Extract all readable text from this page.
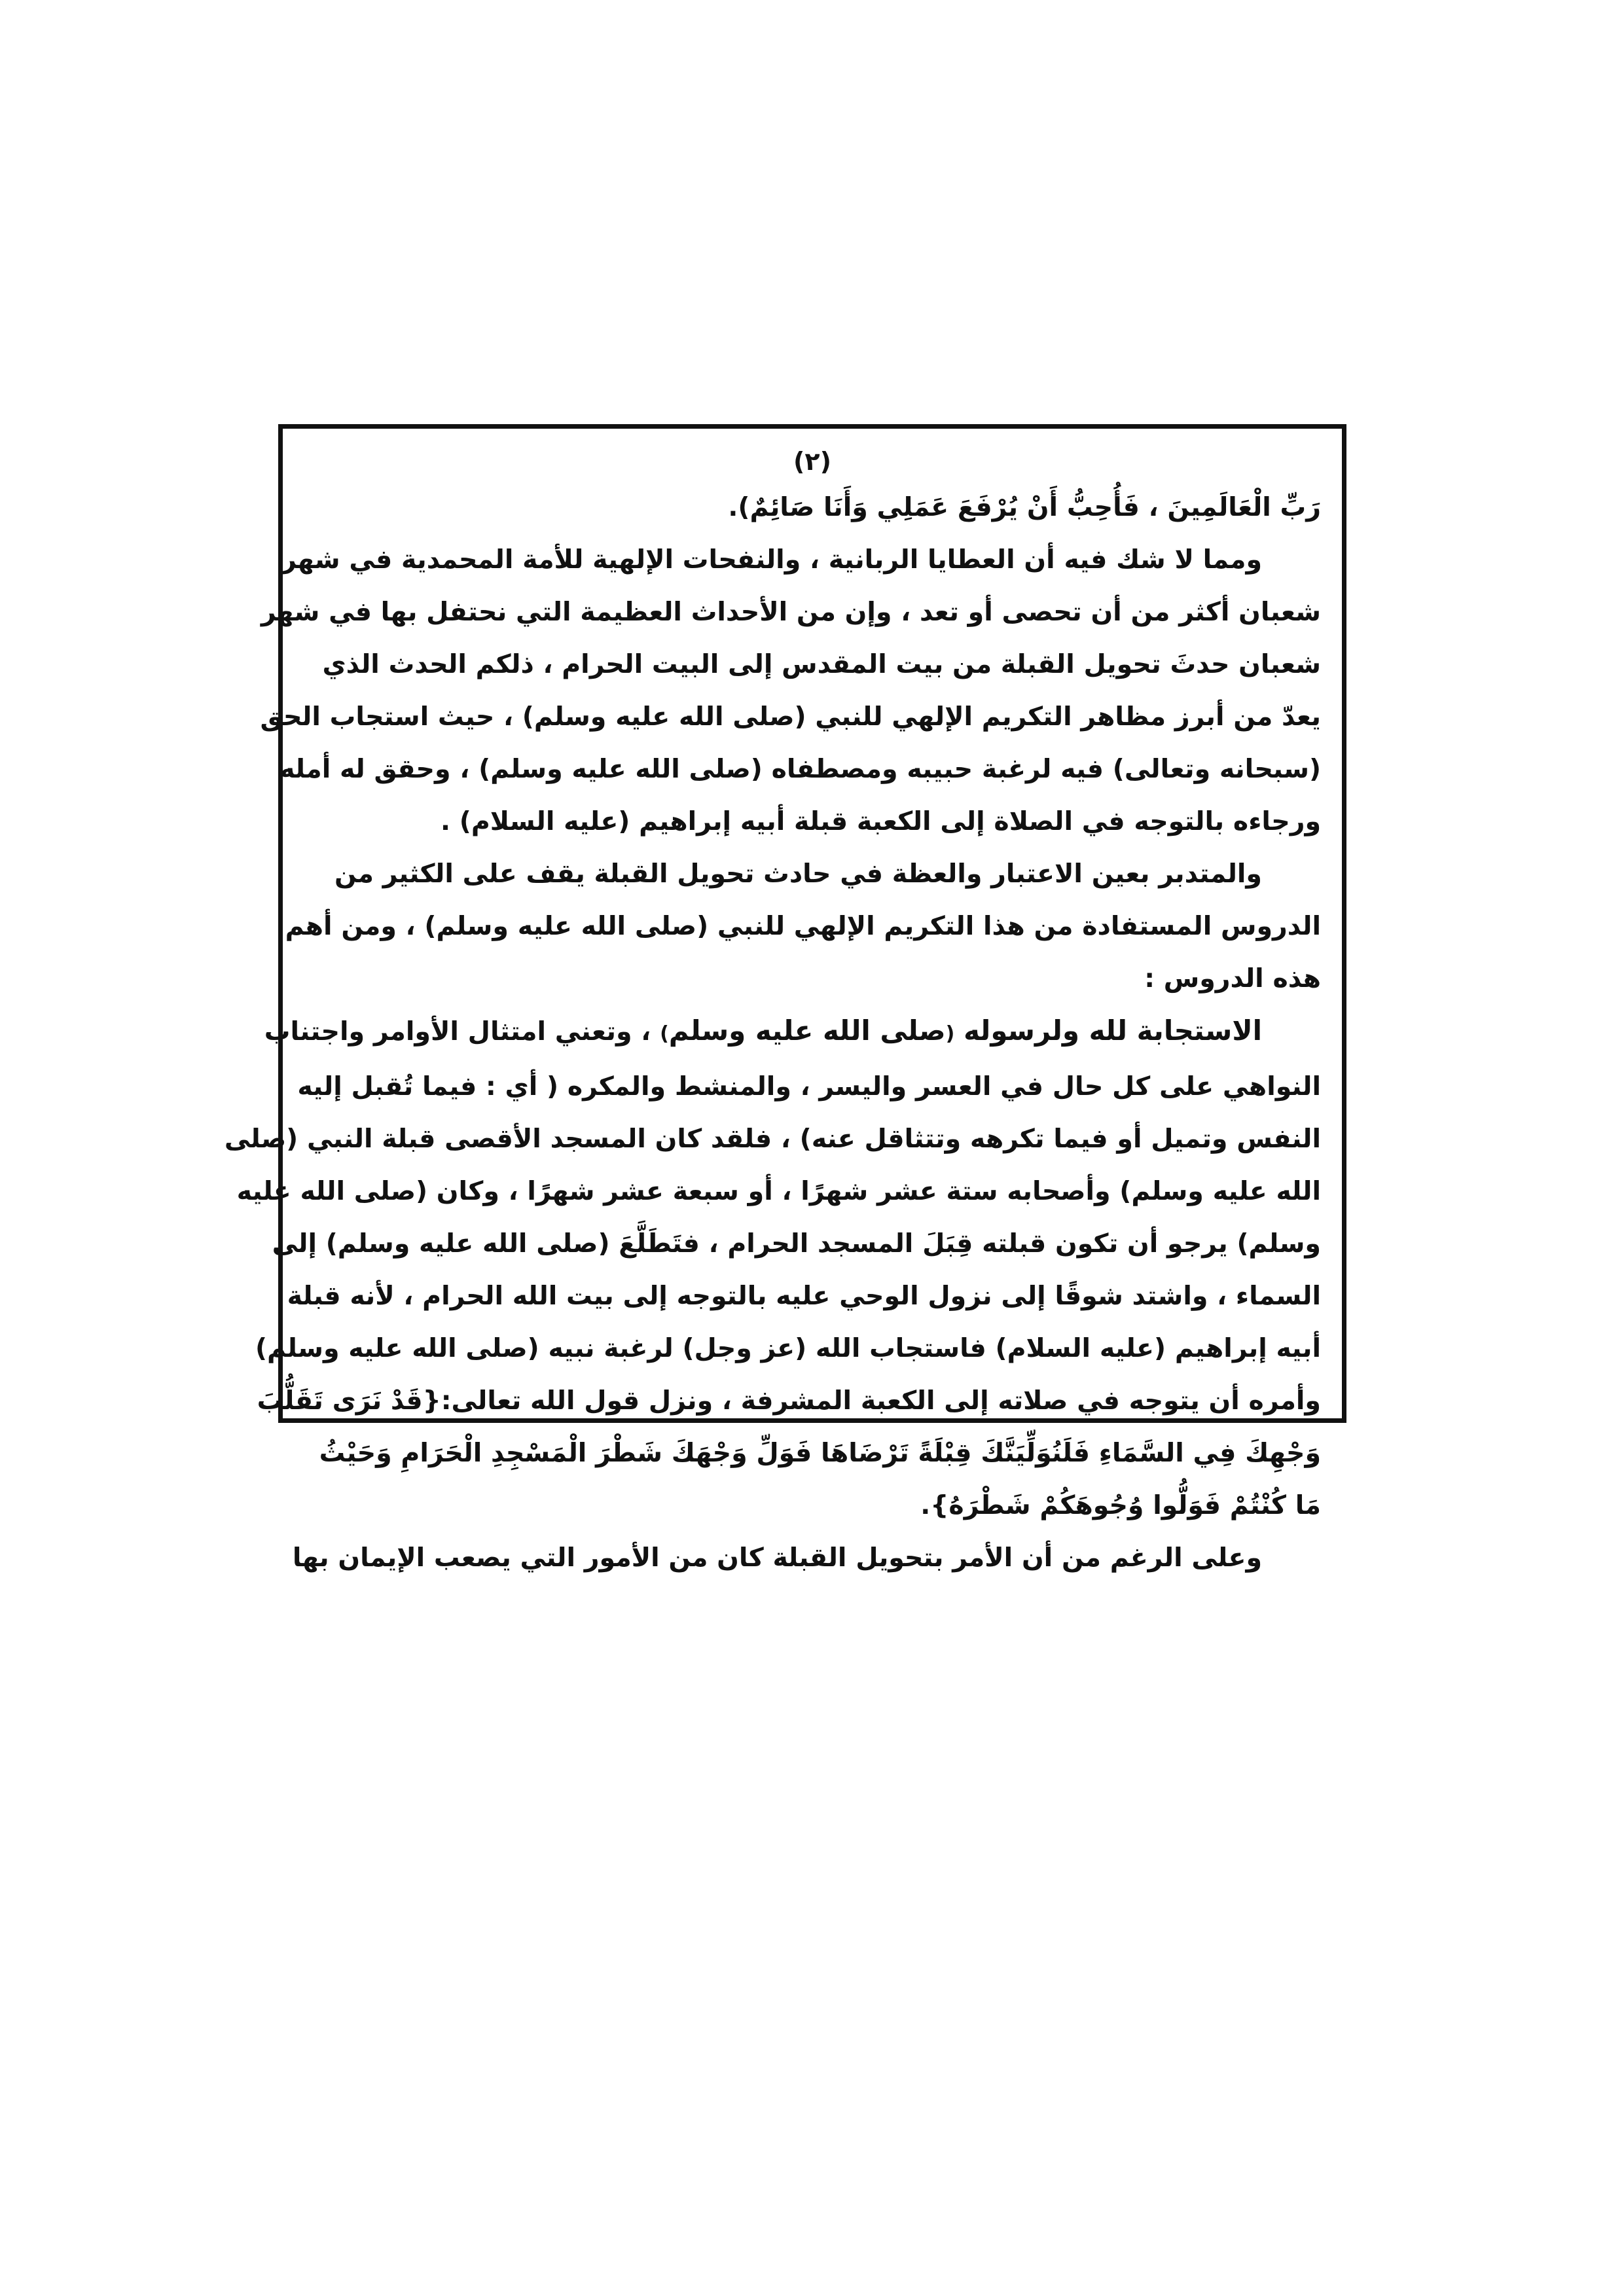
(٢)

رَبِّ الْعَالَمِينَ ، فَأُحِبُّ أَنْ يُرْفَعَ عَمَلِي وَأَنَا صَائِمٌ).

ومما لا شك فيه أن العطايا الربانية ، والنفحات الإلهية للأمة المحمدية في شهر

شعبان أكثر من أن تحصى أو تعد ، وإن من الأحداث العظيمة التي نحتفل بها في شهر

شعبان حدثَ تحويل القبلة من بيت المقدس إلى البيت الحرام ، ذلكم الحدث الذي

يعدّ من أبرز مظاهر التكريم الإلهي للنبي (صلى الله عليه وسلم) ، حيث استجاب الحق

(سبحانه وتعالى) فيه لرغبة حبيبه ومصطفاه (صلى الله عليه وسلم) ، وحقق له أمله

ورجاءه بالتوجه في الصلاة إلى الكعبة قبلة أبيه إبراهيم (عليه السلام) .

والمتدبر بعين الاعتبار والعظة في حادث تحويل القبلة يقف على الكثير من

الدروس المستفادة من هذا التكريم الإلهي للنبي (صلى الله عليه وسلم) ، ومن أهم

هذه الدروس :

الاستجابة لله ولرسوله (صلى الله عليه وسلم) ، وتعني امتثال الأوامر واجتناب

النواهي على كل حال في العسر واليسر ، والمنشط والمكره ( أي : فيما تُقبل إليه

النفس وتميل أو فيما تكرهه وتتثاقل عنه) ، فلقد كان المسجد الأقصى قبلة النبي (صلى

الله عليه وسلم) وأصحابه ستة عشر شهرًا ، أو سبعة عشر شهرًا ، وكان (صلى الله عليه

وسلم) يرجو أن تكون قبلته قِبَلَ المسجد الحرام ، فتَطَلَّعَ (صلى الله عليه وسلم) إلى

السماء ، واشتد شوقًا إلى نزول الوحي عليه بالتوجه إلى بيت الله الحرام ، لأنه قبلة

أبيه إبراهيم (عليه السلام) فاستجاب الله (عز وجل) لرغبة نبيه (صلى الله عليه وسلم)

وأمره أن يتوجه في صلاته إلى الكعبة المشرفة ، ونزل قول الله تعالى:{قَدْ نَرَى تَقَلُّبَ

وَجْهِكَ فِي السَّمَاءِ فَلَنُوَلِّيَنَّكَ قِبْلَةً تَرْضَاهَا فَوَلِّ وَجْهَكَ شَطْرَ الْمَسْجِدِ الْحَرَامِ وَحَيْثُ

مَا كُنْتُمْ فَوَلُّوا وُجُوهَكُمْ شَطْرَهُ}.

وعلى الرغم من أن الأمر بتحويل القبلة كان من الأمور التي يصعب الإيمان بها
